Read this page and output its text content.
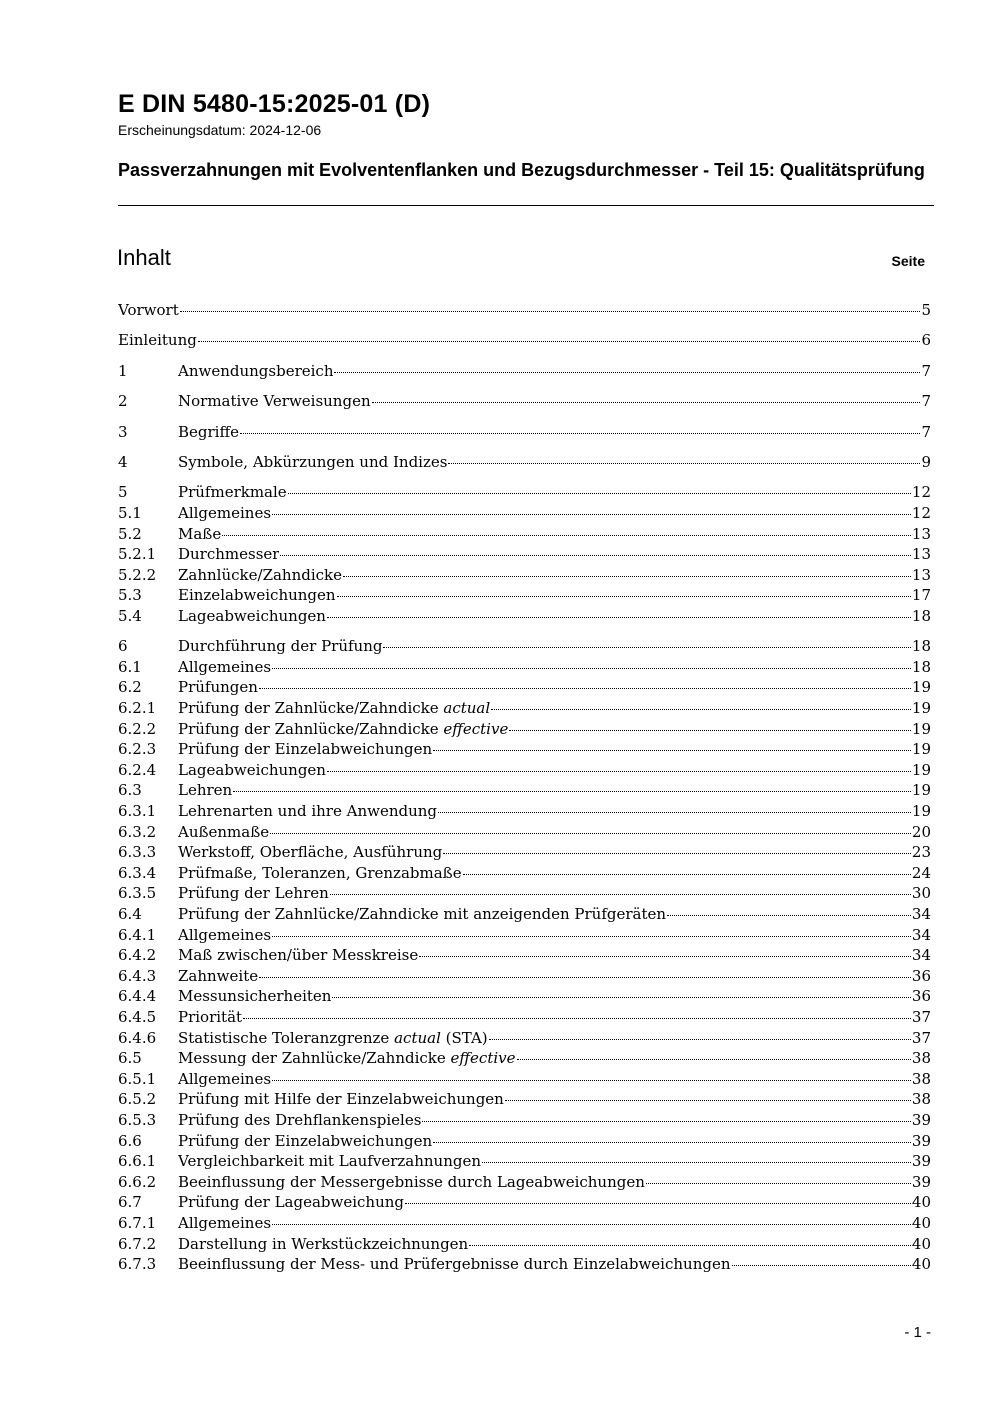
E DIN 5480-15:2025-01 (D)
Erscheinungsdatum: 2024-12-06
Passverzahnungen mit Evolventenflanken und Bezugsdurchmesser - Teil 15: Qualitätsprüfung
Inhalt	Seite
Vorwort	5
Einleitung	6
1	Anwendungsbereich	7
2	Normative Verweisungen	7
3	Begriffe	7
4	Symbole, Abkürzungen und Indizes	9
5	Prüfmerkmale	12
5.1	Allgemeines	12
5.2	Maße	13
5.2.1	Durchmesser	13
5.2.2	Zahnlücke/Zahndicke	13
5.3	Einzelabweichungen	17
5.4	Lageabweichungen	18
6	Durchführung der Prüfung	18
6.1	Allgemeines	18
6.2	Prüfungen	19
6.2.1	Prüfung der Zahnlücke/Zahndicke actual	19
6.2.2	Prüfung der Zahnlücke/Zahndicke effective	19
6.2.3	Prüfung der Einzelabweichungen	19
6.2.4	Lageabweichungen	19
6.3	Lehren	19
6.3.1	Lehrenarten und ihre Anwendung	19
6.3.2	Außenmaße	20
6.3.3	Werkstoff, Oberfläche, Ausführung	23
6.3.4	Prüfmaße, Toleranzen, Grenzabmaße	24
6.3.5	Prüfung der Lehren	30
6.4	Prüfung der Zahnlücke/Zahndicke mit anzeigenden Prüfgeräten	34
6.4.1	Allgemeines	34
6.4.2	Maß zwischen/über Messkreise	34
6.4.3	Zahnweite	36
6.4.4	Messunsicherheiten	36
6.4.5	Priorität	37
6.4.6	Statistische Toleranzgrenze actual (STA)	37
6.5	Messung der Zahnlücke/Zahndicke effective	38
6.5.1	Allgemeines	38
6.5.2	Prüfung mit Hilfe der Einzelabweichungen	38
6.5.3	Prüfung des Drehflankenspieles	39
6.6	Prüfung der Einzelabweichungen	39
6.6.1	Vergleichbarkeit mit Laufverzahnungen	39
6.6.2	Beeinflussung der Messergebnisse durch Lageabweichungen	39
6.7	Prüfung der Lageabweichung	40
6.7.1	Allgemeines	40
6.7.2	Darstellung in Werkstückzeichnungen	40
6.7.3	Beeinflussung der Mess- und Prüfergebnisse durch Einzelabweichungen	40
- 1 -
